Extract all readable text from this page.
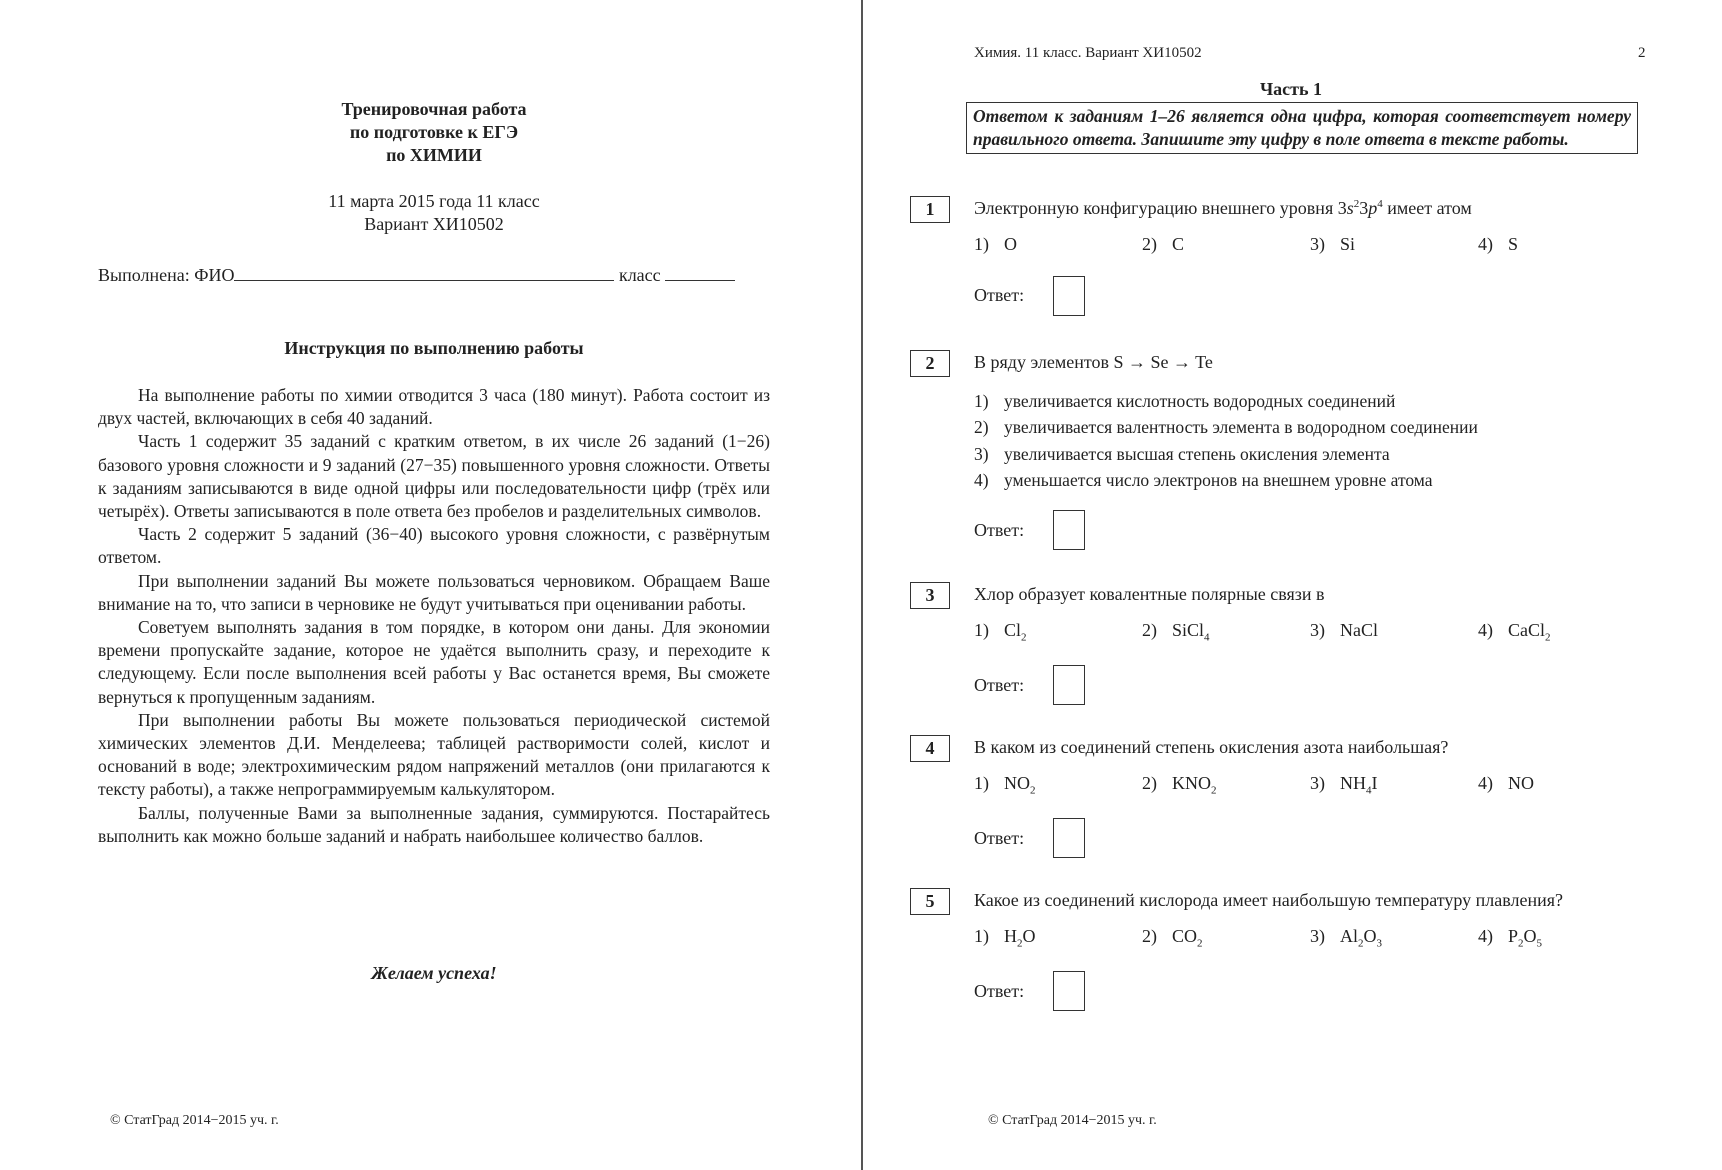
Тренировочная работа
по подготовке к ЕГЭ
по ХИМИИ
11 марта 2015 года 11 класс
Вариант ХИ10502
Выполнена: ФИО	класс
Инструкция по выполнению работы

На выполнение работы по химии отводится 3 часа (180 минут). Работа состоит из двух частей, включающих в себя 40 заданий.

Часть 1 содержит 35 заданий с кратким ответом, в их числе 26 заданий (1−26) базового уровня сложности и 9 заданий (27−35) повышенного уровня сложности. Ответы к заданиям записываются в виде одной цифры или последовательности цифр (трёх или четырёх). Ответы записываются в поле ответа без пробелов и разделительных символов.

Часть 2 содержит 5 заданий (36−40) высокого уровня сложности, с развёрнутым ответом.

При выполнении заданий Вы можете пользоваться черновиком. Обращаем Ваше внимание на то, что записи в черновике не будут учитываться при оценивании работы.

Советуем выполнять задания в том порядке, в котором они даны. Для экономии времени пропускайте задание, которое не удаётся выполнить сразу, и переходите к следующему. Если после выполнения всей работы у Вас останется время, Вы сможете вернуться к пропущенным заданиям.

При выполнении работы Вы можете пользоваться периодической системой химических элементов Д.И. Менделеева; таблицей растворимости солей, кислот и оснований в воде; электрохимическим рядом напряжений металлов (они прилагаются к тексту работы), а также непрограммируемым калькулятором.

Баллы, полученные Вами за выполненные задания, суммируются. Постарайтесь выполнить как можно больше заданий и набрать наибольшее количество баллов.

Желаем успеха!
© СтатГрад 2014−2015 уч. г.
Химия. 11 класс. Вариант ХИ10502	2
Часть 1
Ответом к заданиям 1–26 является одна цифра, которая соответствует номеру правильного ответа. Запишите эту цифру в поле ответа в тексте работы.
1	Электронную конфигурацию внешнего уровня $3s^23p^4$ имеет атом
1) O	2) C	3) Si	4) S
Ответ:
2	В ряду элементов S → Se → Te
1) увеличивается кислотность водородных соединений
2) увеличивается валентность элемента в водородном соединении
3) увеличивается высшая степень окисления элемента
4) уменьшается число электронов на внешнем уровне атома
Ответ:
3	Хлор образует ковалентные полярные связи в
1) $Cl_2$	2) SiCl$_4$	3) NaCl	4) CaCl$_2$
Ответ:
4	В каком из соединений степень окисления азота наибольшая?
1) $NO_2$	2) $KNO_2$	3) $NH_4I$	4) NO
Ответ:
5	Какое из соединений кислорода имеет наибольшую температуру плавления?
1) $H_2O$	2) $CO_2$	3) $Al_2O_3$	4) $P_2O_5$
Ответ:
© СтатГрад 2014−2015 уч. г.
